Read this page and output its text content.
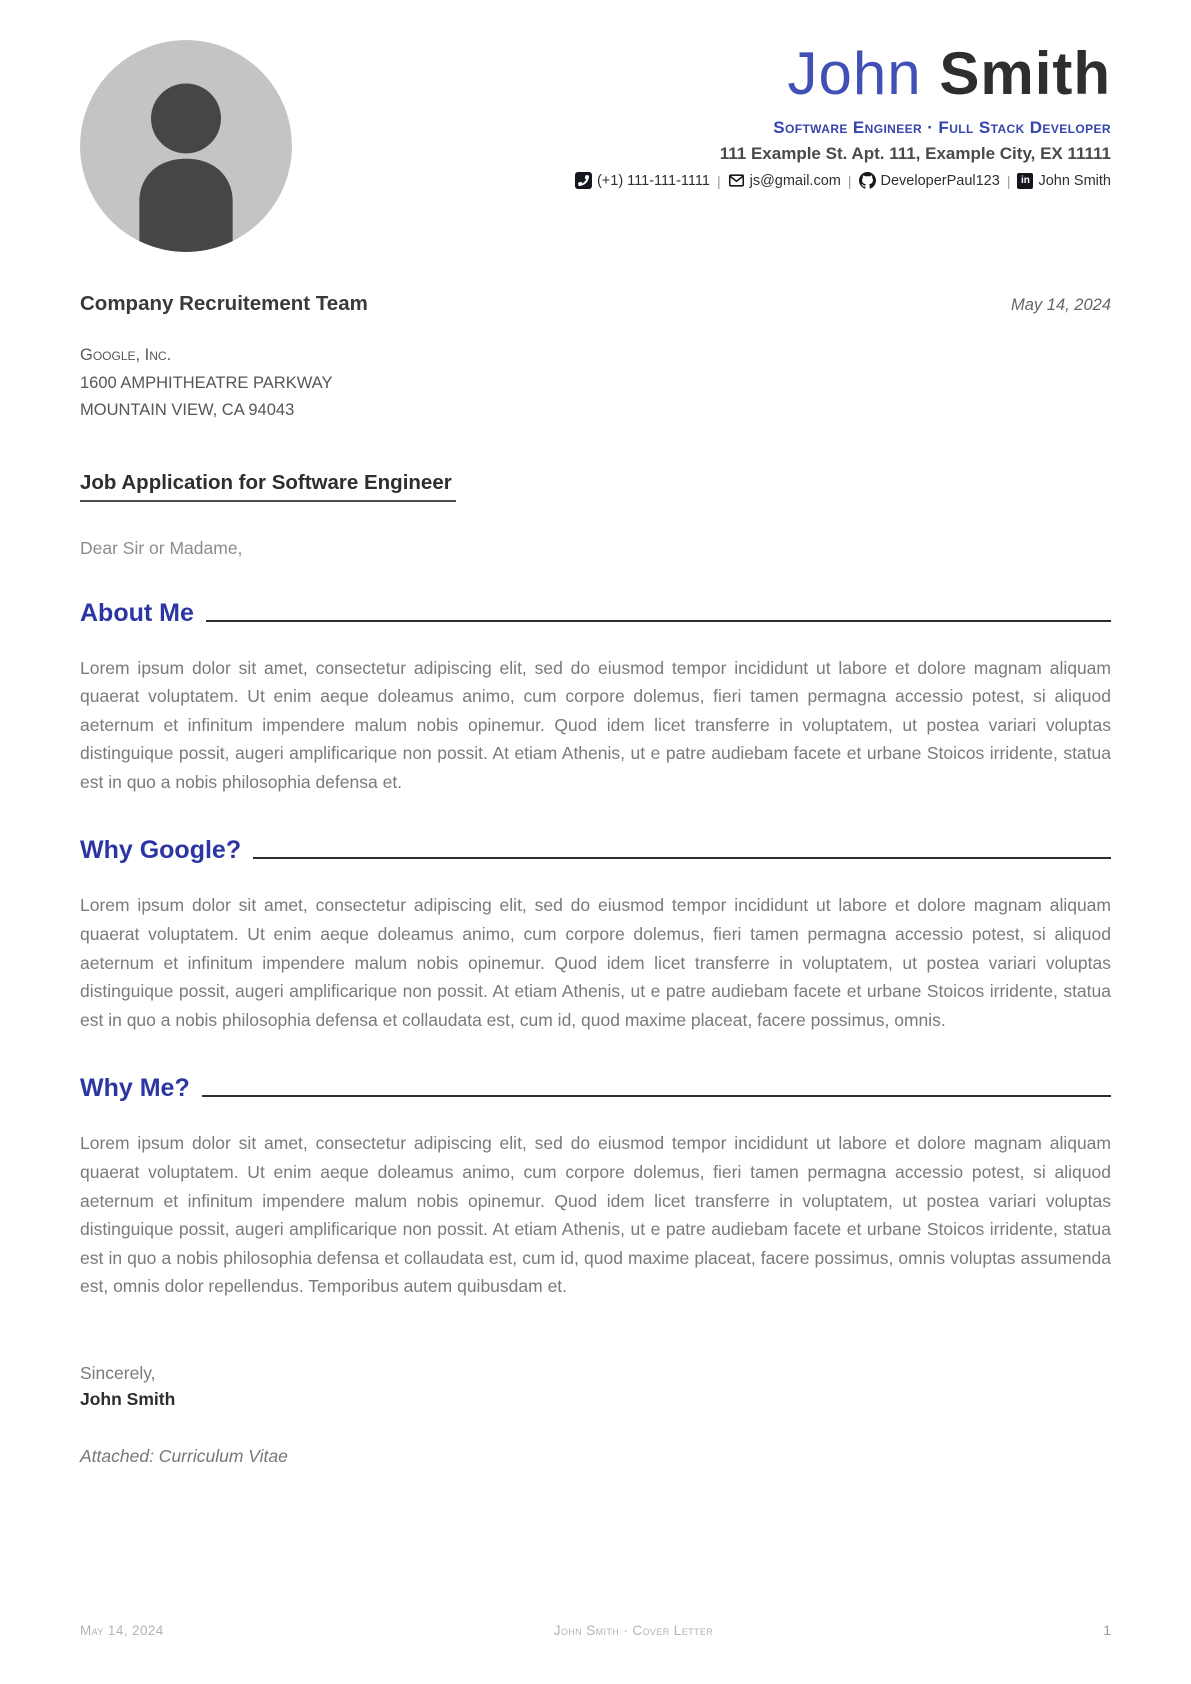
John Smith
Software Engineer · Full Stack Developer
111 Example St. Apt. 111, Example City, EX 11111
(+1) 111-111-1111 | js@gmail.com | DeveloperPaul123 |	in John Smith
Company Recruitement Team	May 14, 2024
Google, Inc.
1600 AMPHITHEATRE PARKWAY
MOUNTAIN VIEW, CA 94043
Job Application for Software Engineer
Dear Sir or Madame,
About Me

Lorem ipsum dolor sit amet, consectetur adipiscing elit, sed do eiusmod tempor incididunt ut labore et dolore magnam aliquam quaerat voluptatem. Ut enim aeque doleamus animo, cum corpore dolemus, fieri tamen permagna accessio potest, si aliquod aeternum et infinitum impendere malum nobis opinemur. Quod idem licet transferre in voluptatem, ut postea variari voluptas distinguique possit, augeri amplificarique non possit. At etiam Athenis, ut e patre audiebam facete et urbane Stoicos irridente, statua est in quo a nobis philosophia defensa et.

Why Google?

Lorem ipsum dolor sit amet, consectetur adipiscing elit, sed do eiusmod tempor incididunt ut labore et dolore magnam aliquam quaerat voluptatem. Ut enim aeque doleamus animo, cum corpore dolemus, fieri tamen permagna accessio potest, si aliquod aeternum et infinitum impendere malum nobis opinemur. Quod idem licet transferre in voluptatem, ut postea variari voluptas distinguique possit, augeri amplificarique non possit. At etiam Athenis, ut e patre audiebam facete et urbane Stoicos irridente, statua est in quo a nobis philosophia defensa et collaudata est, cum id, quod maxime placeat, facere possimus, omnis.

Why Me?

Lorem ipsum dolor sit amet, consectetur adipiscing elit, sed do eiusmod tempor incididunt ut labore et dolore magnam aliquam quaerat voluptatem. Ut enim aeque doleamus animo, cum corpore dolemus, fieri tamen permagna accessio potest, si aliquod aeternum et infinitum impendere malum nobis opinemur. Quod idem licet transferre in voluptatem, ut postea variari voluptas distinguique possit, augeri amplificarique non possit. At etiam Athenis, ut e patre audiebam facete et urbane Stoicos irridente, statua est in quo a nobis philosophia defensa et collaudata est, cum id, quod maxime placeat, facere possimus, omnis voluptas assumenda est, omnis dolor repellendus. Temporibus autem quibusdam et.

Sincerely,
John Smith
Attached: Curriculum Vitae
May 14, 2024	John Smith · Cover Letter	1
